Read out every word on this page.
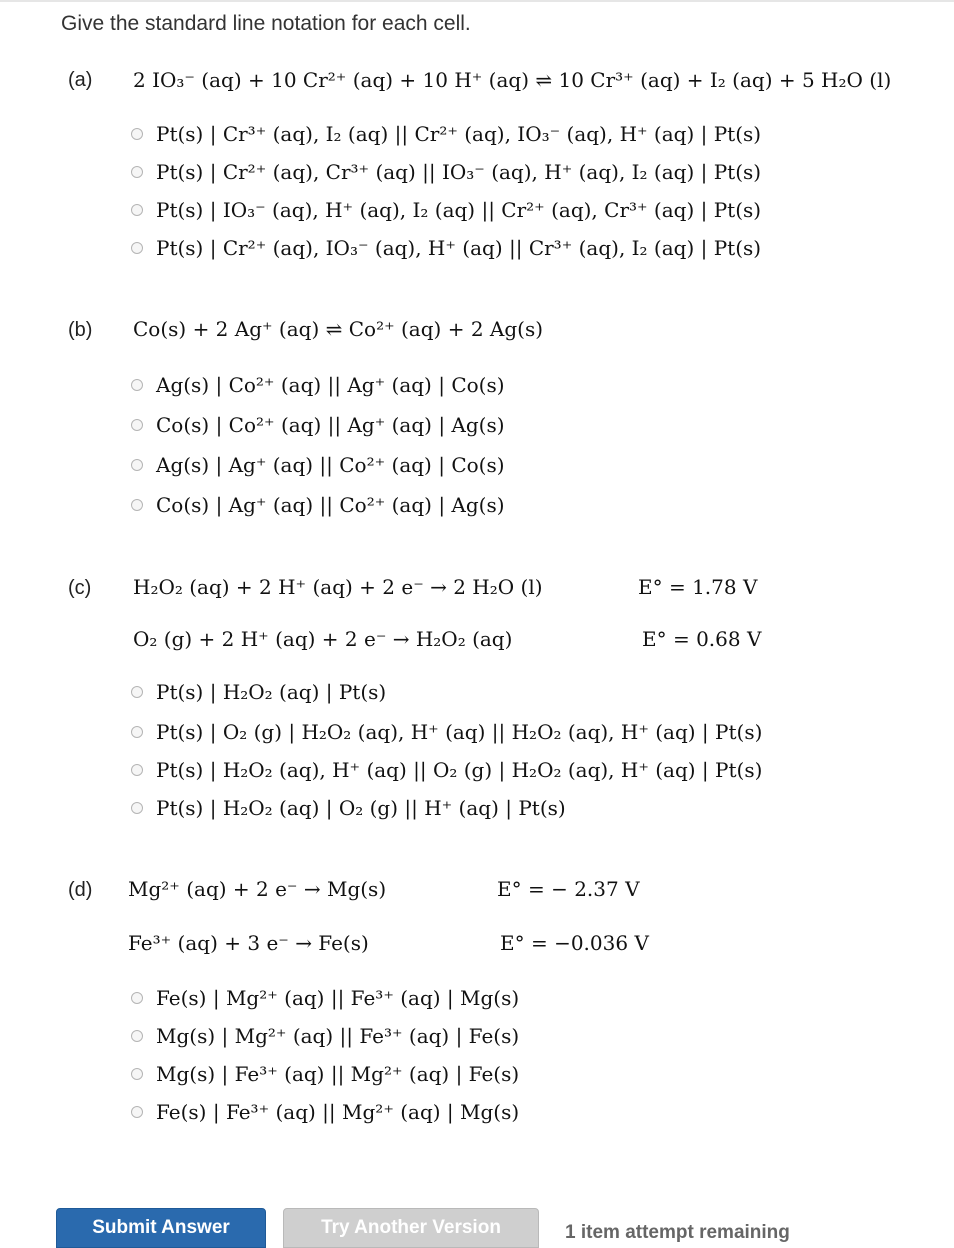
Give the standard line notation for each cell.
(a) 2 IO₃⁻ (aq) + 10 Cr²⁺ (aq) + 10 H⁺ (aq) ⇌ 10 Cr³⁺ (aq) + I₂ (aq) + 5 H₂O (l)
Pt(s) | Cr³⁺ (aq), I₂ (aq) || Cr²⁺ (aq), IO₃⁻ (aq), H⁺ (aq) | Pt(s)
Pt(s) | Cr²⁺ (aq), Cr³⁺ (aq) || IO₃⁻ (aq), H⁺ (aq), I₂ (aq) | Pt(s)
Pt(s) | IO₃⁻ (aq), H⁺ (aq), I₂ (aq) || Cr²⁺ (aq), Cr³⁺ (aq) | Pt(s)
Pt(s) | Cr²⁺ (aq), IO₃⁻ (aq), H⁺ (aq) || Cr³⁺ (aq), I₂ (aq) | Pt(s)
(b) Co(s) + 2 Ag⁺ (aq) ⇌ Co²⁺ (aq) + 2 Ag(s)
Ag(s) | Co²⁺ (aq) || Ag⁺ (aq) | Co(s)
Co(s) | Co²⁺ (aq) || Ag⁺ (aq) | Ag(s)
Ag(s) | Ag⁺ (aq) || Co²⁺ (aq) | Co(s)
Co(s) | Ag⁺ (aq) || Co²⁺ (aq) | Ag(s)
(c) H₂O₂ (aq) + 2 H⁺ (aq) + 2 e⁻ → 2 H₂O (l)	E° = 1.78 V
O₂ (g) + 2 H⁺ (aq) + 2 e⁻ → H₂O₂ (aq)	E° = 0.68 V
Pt(s) | H₂O₂ (aq) | Pt(s)
Pt(s) | O₂ (g) | H₂O₂ (aq), H⁺ (aq) || H₂O₂ (aq), H⁺ (aq) | Pt(s)
Pt(s) | H₂O₂ (aq), H⁺ (aq) || O₂ (g) | H₂O₂ (aq), H⁺ (aq) | Pt(s)
Pt(s) | H₂O₂ (aq) | O₂ (g) || H⁺ (aq) | Pt(s)
(d) Mg²⁺ (aq) + 2 e⁻ → Mg(s)	E° = − 2.37 V
Fe³⁺ (aq) + 3 e⁻ → Fe(s)	E° = −0.036 V
Fe(s) | Mg²⁺ (aq) || Fe³⁺ (aq) | Mg(s)
Mg(s) | Mg²⁺ (aq) || Fe³⁺ (aq) | Fe(s)
Mg(s) | Fe³⁺ (aq) || Mg²⁺ (aq) | Fe(s)
Fe(s) | Fe³⁺ (aq) || Mg²⁺ (aq) | Mg(s)
Submit Answer	Try Another Version	1 item attempt remaining
